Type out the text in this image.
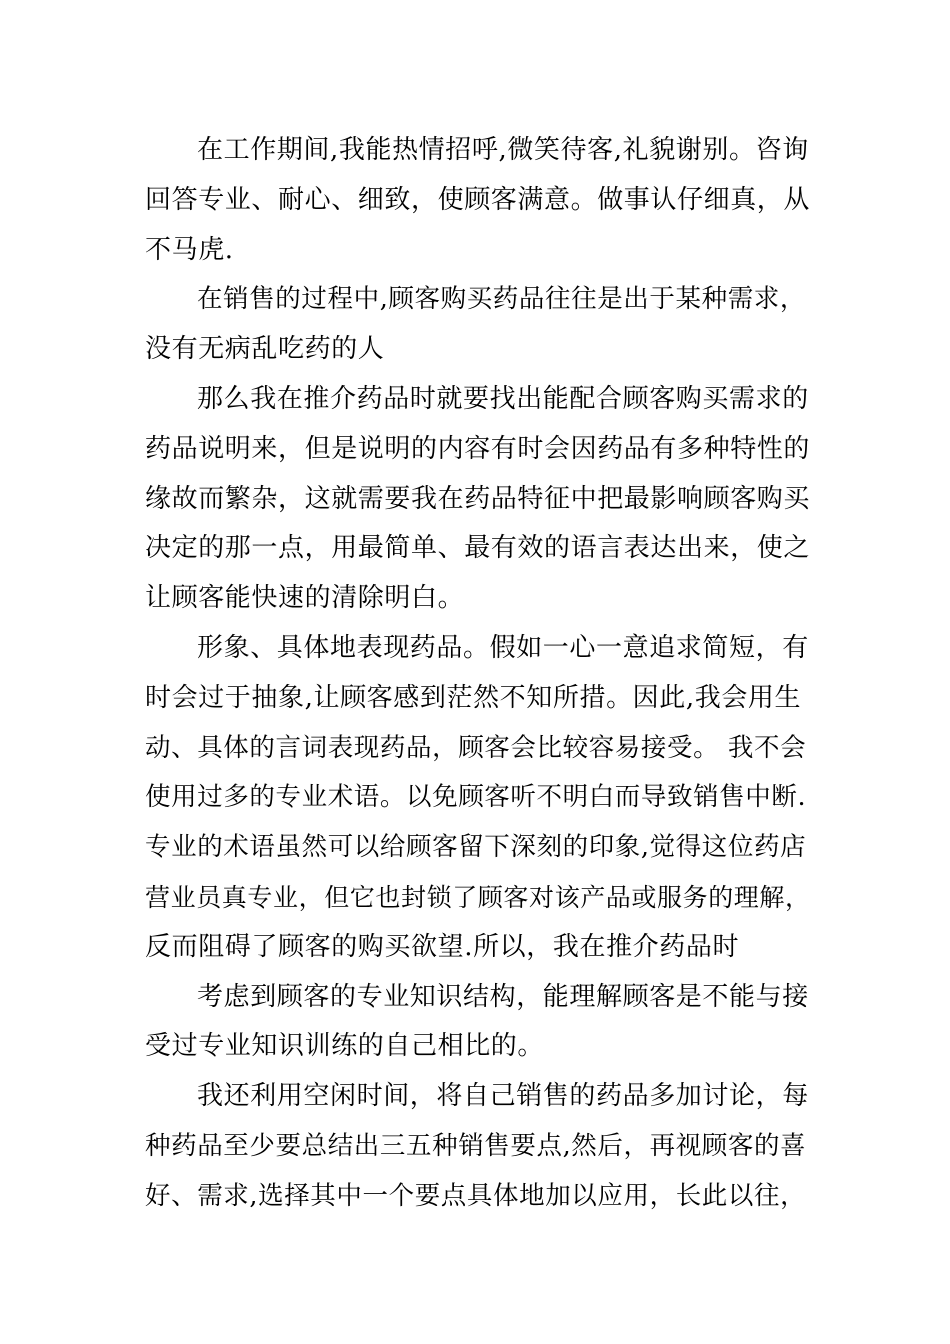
在工作期间,我能热情招呼,微笑待客,礼貌谢别。咨询
回答专业、耐心、细致，使顾客满意。做事认仔细真，从
不马虎.
在销售的过程中,顾客购买药品往往是出于某种需求，
没有无病乱吃药的人
那么我在推介药品时就要找出能配合顾客购买需求的
药品说明来，但是说明的内容有时会因药品有多种特性的
缘故而繁杂，这就需要我在药品特征中把最影响顾客购买
决定的那一点，用最简单、最有效的语言表达出来，使之
让顾客能快速的清除明白。
形象、具体地表现药品。假如一心一意追求简短，有
时会过于抽象,让顾客感到茫然不知所措。因此,我会用生
动、具体的言词表现药品，顾客会比较容易接受。 我不会
使用过多的专业术语。以免顾客听不明白而导致销售中断.
专业的术语虽然可以给顾客留下深刻的印象,觉得这位药店
营业员真专业，但它也封锁了顾客对该产品或服务的理解，
反而阻碍了顾客的购买欲望.所以，我在推介药品时
考虑到顾客的专业知识结构，能理解顾客是不能与接
受过专业知识训练的自己相比的。
我还利用空闲时间，将自己销售的药品多加讨论，每
种药品至少要总结出三五种销售要点,然后，再视顾客的喜
好、需求,选择其中一个要点具体地加以应用，长此以往，
